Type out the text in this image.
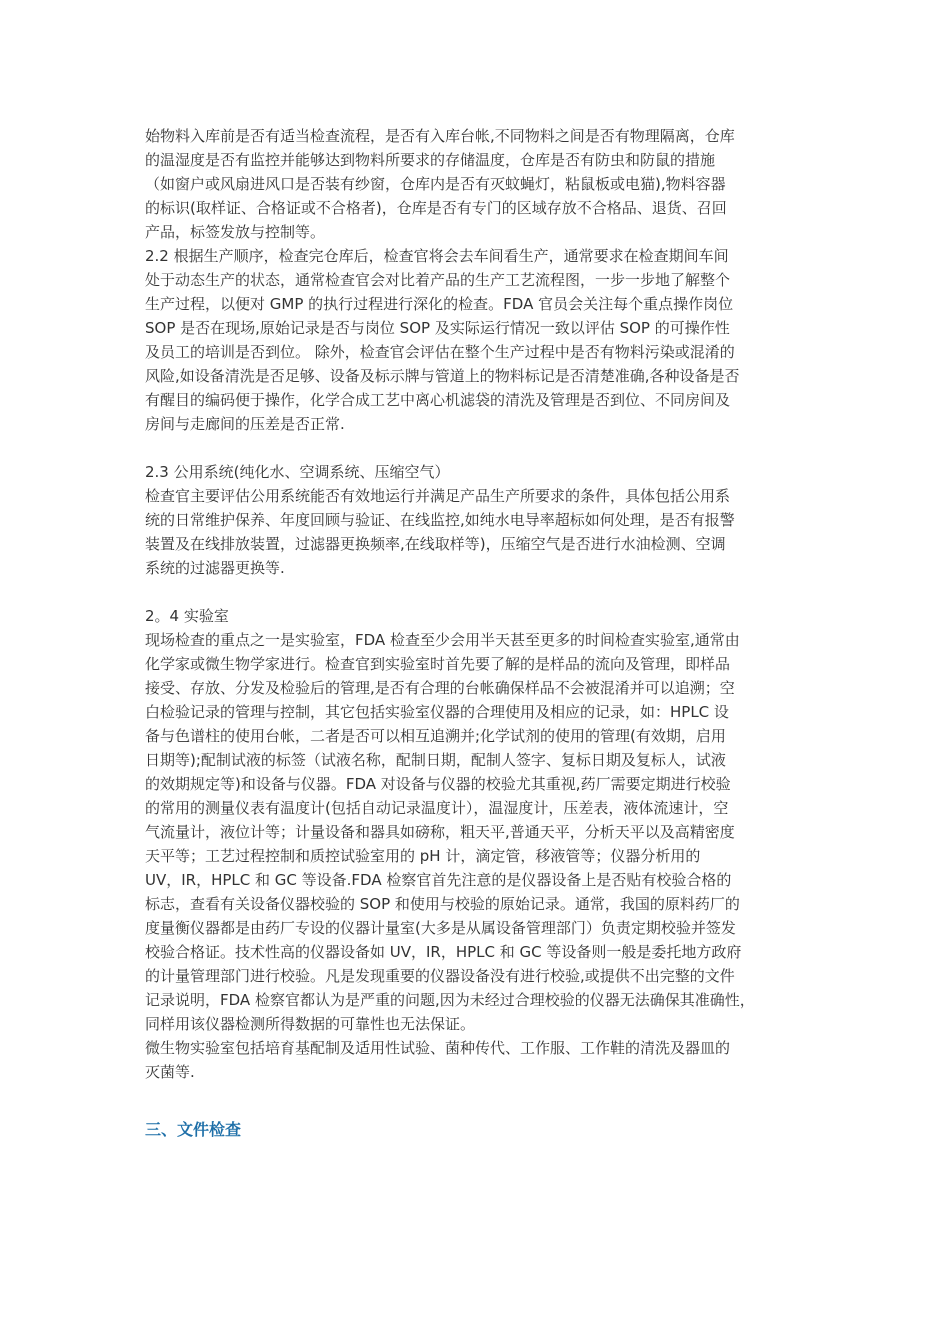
始物料入库前是否有适当检查流程，是否有入库台帐,不同物料之间是否有物理隔离，仓库
的温湿度是否有监控并能够达到物料所要求的存储温度，仓库是否有防虫和防鼠的措施
（如窗户或风扇进风口是否装有纱窗，仓库内是否有灭蚊蝇灯，粘鼠板或电猫),物料容器
的标识(取样证、合格证或不合格者)，仓库是否有专门的区域存放不合格品、退货、召回
产品，标签发放与控制等。
2.2 根据生产顺序，检查完仓库后，检查官将会去车间看生产，通常要求在检查期间车间
处于动态生产的状态，通常检查官会对比着产品的生产工艺流程图，一步一步地了解整个
生产过程，以便对 GMP 的执行过程进行深化的检查。FDA 官员会关注每个重点操作岗位
SOP 是否在现场,原始记录是否与岗位 SOP 及实际运行情况一致以评估 SOP 的可操作性
及员工的培训是否到位。 除外，检查官会评估在整个生产过程中是否有物料污染或混淆的
风险,如设备清洗是否足够、设备及标示牌与管道上的物料标记是否清楚准确,各种设备是否
有醒目的编码便于操作，化学合成工艺中离心机滤袋的清洗及管理是否到位、不同房间及
房间与走廊间的压差是否正常.
2.3 公用系统(纯化水、空调系统、压缩空气）
检查官主要评估公用系统能否有效地运行并满足产品生产所要求的条件，具体包括公用系
统的日常维护保养、年度回顾与验证、在线监控,如纯水电导率超标如何处理，是否有报警
装置及在线排放装置，过滤器更换频率,在线取样等)，压缩空气是否进行水油检测、空调
系统的过滤器更换等.
2。4 实验室
现场检查的重点之一是实验室，FDA 检查至少会用半天甚至更多的时间检查实验室,通常由
化学家或微生物学家进行。检查官到实验室时首先要了解的是样品的流向及管理，即样品
接受、存放、分发及检验后的管理,是否有合理的台帐确保样品不会被混淆并可以追溯；空
白检验记录的管理与控制，其它包括实验室仪器的合理使用及相应的记录，如：HPLC 设
备与色谱柱的使用台帐，二者是否可以相互追溯并;化学试剂的使用的管理(有效期，启用
日期等);配制试液的标签（试液名称，配制日期，配制人签字、复标日期及复标人，试液
的效期规定等)和设备与仪器。FDA 对设备与仪器的校验尤其重视,药厂需要定期进行校验
的常用的测量仪表有温度计(包括自动记录温度计），温湿度计，压差表，液体流速计，空
气流量计，液位计等；计量设备和器具如磅称，粗天平,普通天平，分析天平以及高精密度
天平等；工艺过程控制和质控试验室用的 pH 计，滴定管，移液管等；仪器分析用的
UV，IR，HPLC 和 GC 等设备.FDA 检察官首先注意的是仪器设备上是否贴有校验合格的
标志，查看有关设备仪器校验的 SOP 和使用与校验的原始记录。通常，我国的原料药厂的
度量衡仪器都是由药厂专设的仪器计量室(大多是从属设备管理部门）负责定期校验并签发
校验合格证。技术性高的仪器设备如 UV，IR，HPLC 和 GC 等设备则一般是委托地方政府
的计量管理部门进行校验。凡是发现重要的仪器设备没有进行校验,或提供不出完整的文件
记录说明，FDA 检察官都认为是严重的问题,因为未经过合理校验的仪器无法确保其准确性，
同样用该仪器检测所得数据的可靠性也无法保证。
微生物实验室包括培育基配制及适用性试验、菌种传代、工作服、工作鞋的清洗及器皿的
灭菌等.
三、文件检查
